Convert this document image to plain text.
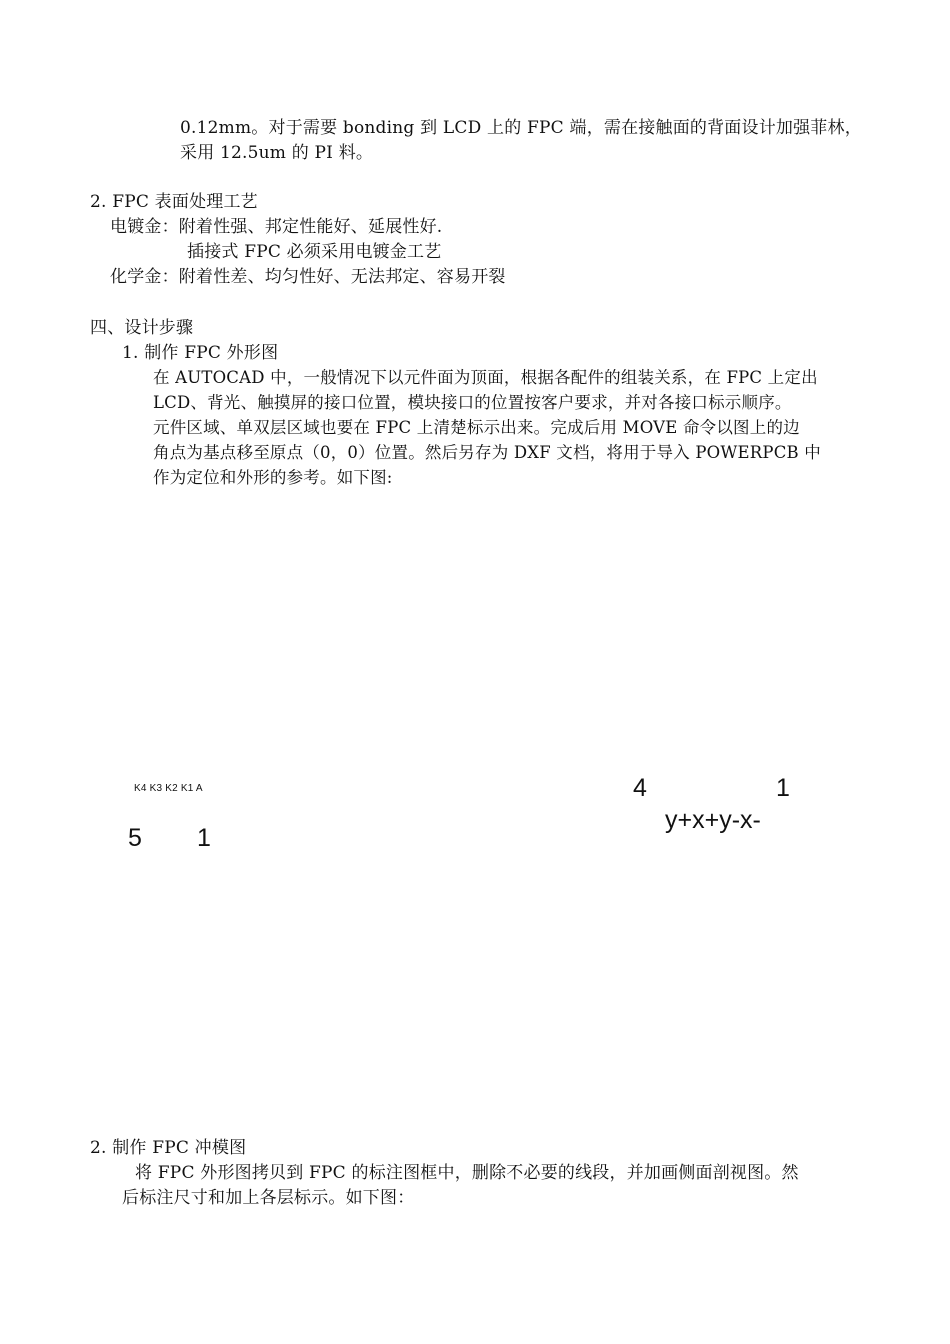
0.12mm。对于需要 bonding 到 LCD 上的 FPC 端，需在接触面的背面设计加强菲林，
采用 12.5um 的 PI 料。
2. FPC 表面处理工艺
电镀金：附着性强、邦定性能好、延展性好.
插接式 FPC 必须采用电镀金工艺
化学金：附着性差、均匀性好、无法邦定、容易开裂
四、设计步骤
1. 制作 FPC 外形图
在 AUTOCAD 中，一般情况下以元件面为顶面，根据各配件的组装关系，在 FPC 上定出
LCD、背光、触摸屏的接口位置，模块接口的位置按客户要求，并对各接口标示顺序。
元件区域、单双层区域也要在 FPC 上清楚标示出来。完成后用 MOVE 命令以图上的边
角点为基点移至原点（0，0）位置。然后另存为 DXF 文档，将用于导入 POWERPCB 中
作为定位和外形的参考。如下图:
K4 K3 K2 K1 A
5 1
4	1
y+x+y-x-
2. 制作 FPC 冲模图
将 FPC 外形图拷贝到 FPC 的标注图框中，删除不必要的线段，并加画侧面剖视图。然
后标注尺寸和加上各层标示。如下图：
